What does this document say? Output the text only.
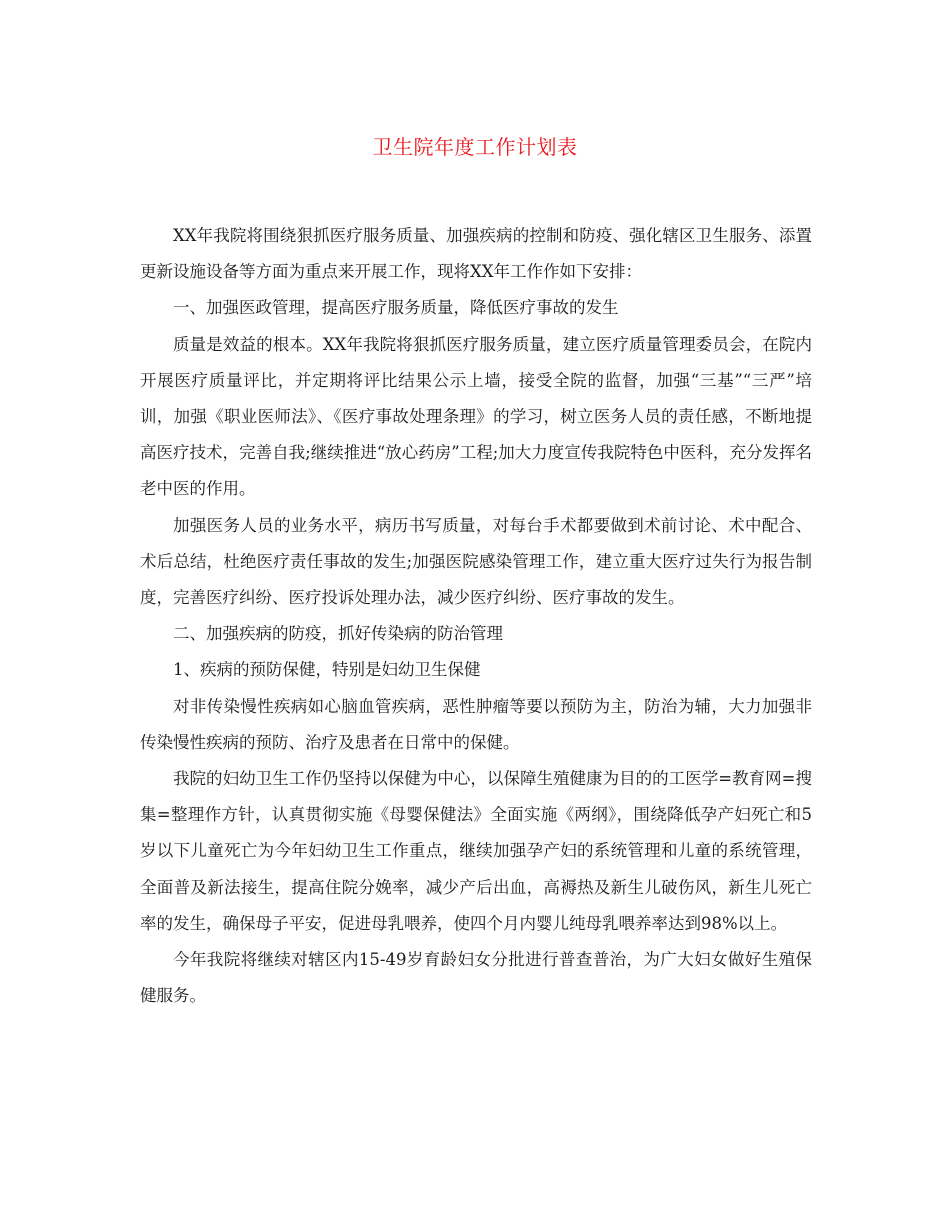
卫生院年度工作计划表

XX年我院将围绕狠抓医疗服务质量、加强疾病的控制和防疫、强化辖区卫生服务、添置更新设施设备等方面为重点来开展工作，现将XX年工作作如下安排：

一、加强医政管理，提高医疗服务质量，降低医疗事故的发生

质量是效益的根本。XX年我院将狠抓医疗服务质量，建立医疗质量管理委员会，在院内开展医疗质量评比，并定期将评比结果公示上墙，接受全院的监督，加强“三基”“三严”培训，加强《职业医师法》、《医疗事故处理条理》的学习，树立医务人员的责任感，不断地提高医疗技术，完善自我;继续推进“放心药房”工程;加大力度宣传我院特色中医科，充分发挥名老中医的作用。

加强医务人员的业务水平，病历书写质量，对每台手术都要做到术前讨论、术中配合、术后总结，杜绝医疗责任事故的发生;加强医院感染管理工作，建立重大医疗过失行为报告制度，完善医疗纠纷、医疗投诉处理办法，减少医疗纠纷、医疗事故的发生。

二、加强疾病的防疫，抓好传染病的防治管理

1、疾病的预防保健，特别是妇幼卫生保健

对非传染慢性疾病如心脑血管疾病，恶性肿瘤等要以预防为主，防治为辅，大力加强非传染慢性疾病的预防、治疗及患者在日常中的保健。

我院的妇幼卫生工作仍坚持以保健为中心，以保障生殖健康为目的的工医学=教育网=搜集=整理作方针，认真贯彻实施《母婴保健法》全面实施《两纲》，围绕降低孕产妇死亡和5岁以下儿童死亡为今年妇幼卫生工作重点，继续加强孕产妇的系统管理和儿童的系统管理，全面普及新法接生，提高住院分娩率，减少产后出血，高褥热及新生儿破伤风，新生儿死亡率的发生，确保母子平安，促进母乳喂养，使四个月内婴儿纯母乳喂养率达到98%以上。

今年我院将继续对辖区内15-49岁育龄妇女分批进行普查普治，为广大妇女做好生殖保健服务。
